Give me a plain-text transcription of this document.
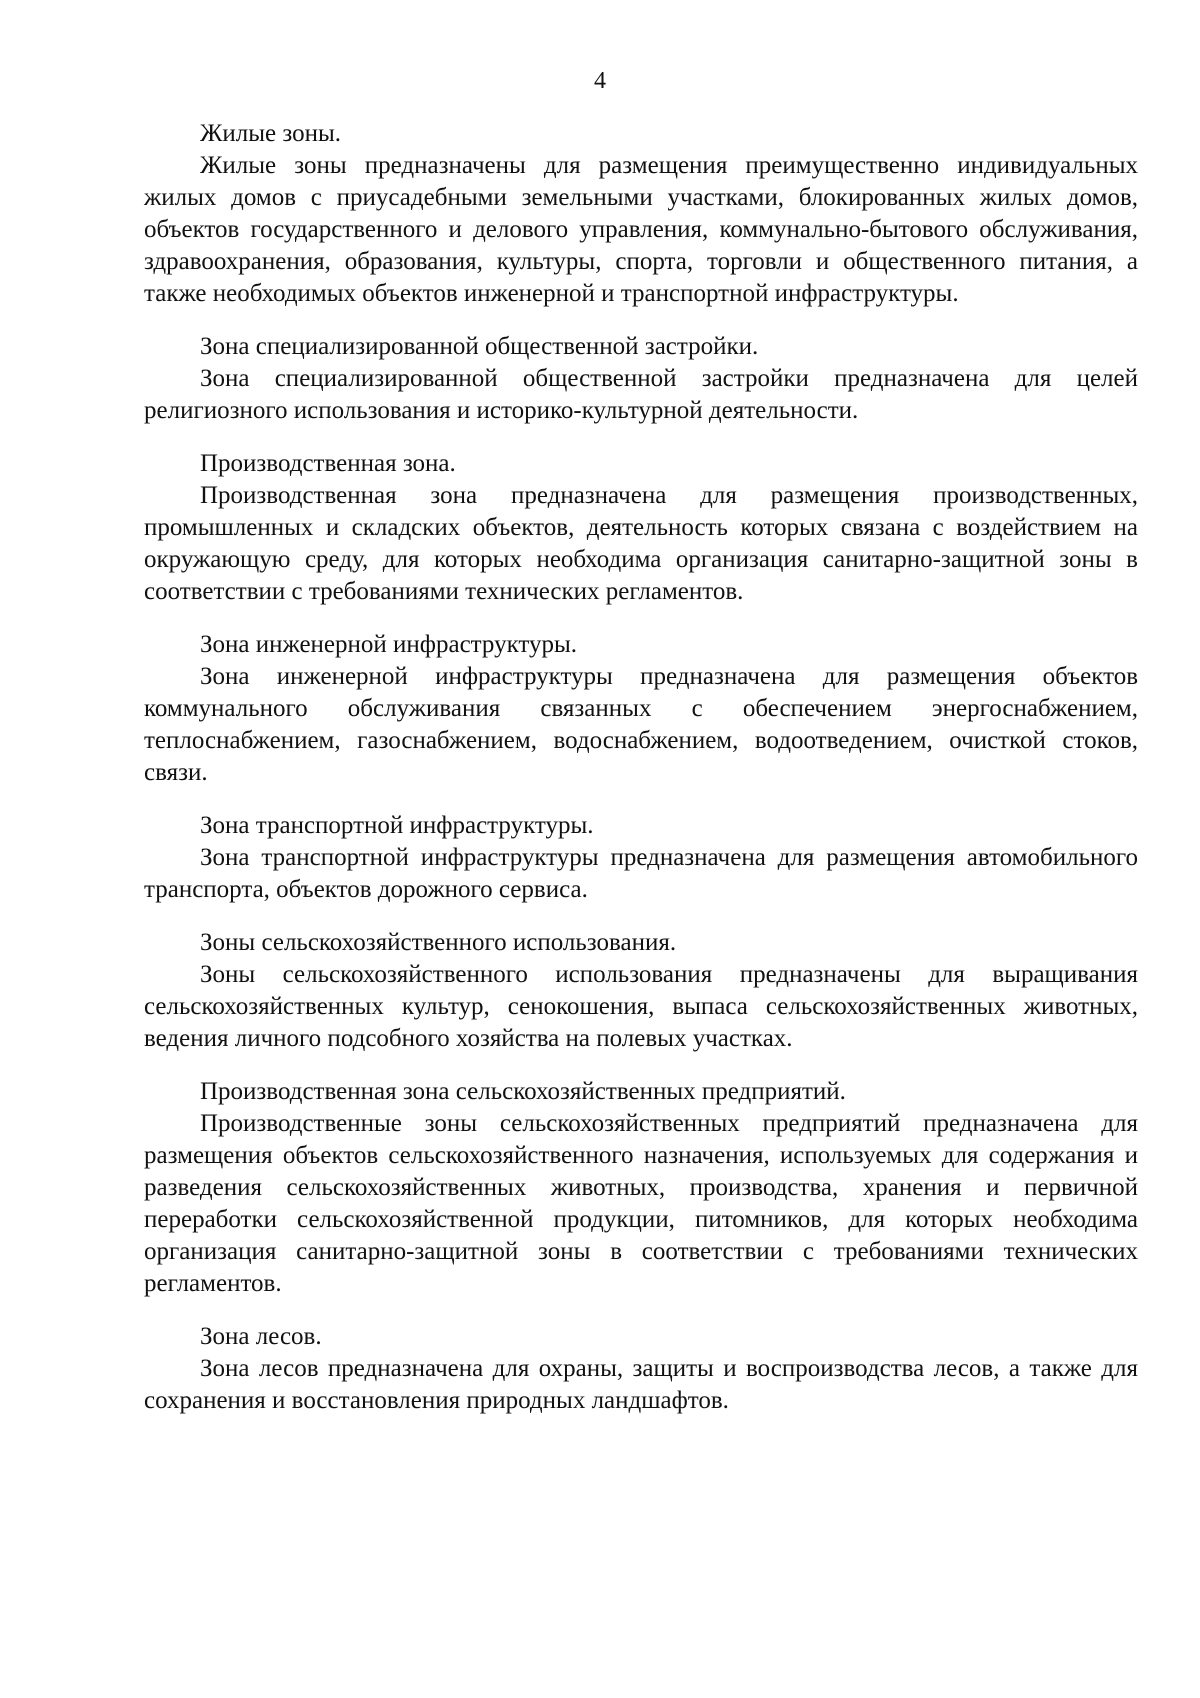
4

Жилые зоны.

Жилые зоны предназначены для размещения преимущественно индивидуальных жилых домов с приусадебными земельными участками, блокированных жилых домов, объектов государственного и делового управления, коммунально-бытового обслуживания, здравоохранения, образования, культуры, спорта, торговли и общественного питания, а также необходимых объектов инженерной и транспортной инфраструктуры.

Зона специализированной общественной застройки.

Зона специализированной общественной застройки предназначена для целей религиозного использования и историко-культурной деятельности.

Производственная зона.

Производственная зона предназначена для размещения производственных, промышленных и складских объектов, деятельность которых связана с воздействием на окружающую среду, для которых необходима организация санитарно-защитной зоны в соответствии с требованиями технических регламентов.

Зона инженерной инфраструктуры.

Зона инженерной инфраструктуры предназначена для размещения объектов коммунального обслуживания связанных с обеспечением энергоснабжением, теплоснабжением, газоснабжением, водоснабжением, водоотведением, очисткой стоков, связи.

Зона транспортной инфраструктуры.

Зона транспортной инфраструктуры предназначена для размещения автомобильного транспорта, объектов дорожного сервиса.

Зоны сельскохозяйственного использования.

Зоны сельскохозяйственного использования предназначены для выращивания сельскохозяйственных культур, сенокошения, выпаса сельскохозяйственных животных, ведения личного подсобного хозяйства на полевых участках.

Производственная зона сельскохозяйственных предприятий.

Производственные зоны сельскохозяйственных предприятий предназначена для размещения объектов сельскохозяйственного назначения, используемых для содержания и разведения сельскохозяйственных животных, производства, хранения и первичной переработки сельскохозяйственной продукции, питомников, для которых необходима организация санитарно-защитной зоны в соответствии с требованиями технических регламентов.

Зона лесов.

Зона лесов предназначена для охраны, защиты и воспроизводства лесов, а также для сохранения и восстановления природных ландшафтов.
